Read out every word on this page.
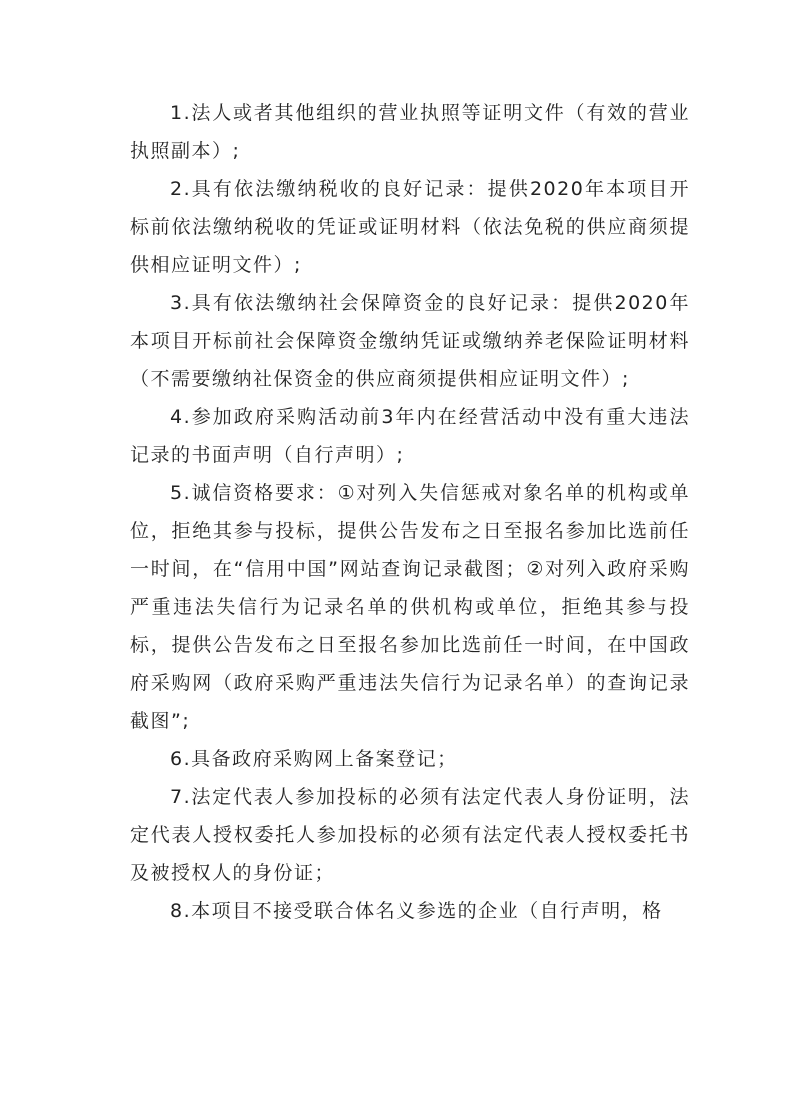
1.法人或者其他组织的营业执照等证明文件（有效的营业执照副本）;

2.具有依法缴纳税收的良好记录：提供2020年本项目开标前依法缴纳税收的凭证或证明材料（依法免税的供应商须提供相应证明文件）;

3.具有依法缴纳社会保障资金的良好记录：提供2020年本项目开标前社会保障资金缴纳凭证或缴纳养老保险证明材料（不需要缴纳社保资金的供应商须提供相应证明文件）;

4.参加政府采购活动前3年内在经营活动中没有重大违法记录的书面声明（自行声明）;

5.诚信资格要求：①对列入失信惩戒对象名单的机构或单位，拒绝其参与投标，提供公告发布之日至报名参加比选前任一时间，在“信用中国”网站查询记录截图；②对列入政府采购严重违法失信行为记录名单的供机构或单位，拒绝其参与投标，提供公告发布之日至报名参加比选前任一时间，在中国政府采购网（政府采购严重违法失信行为记录名单）的查询记录截图”;

6.具备政府采购网上备案登记；

7.法定代表人参加投标的必须有法定代表人身份证明，法定代表人授权委托人参加投标的必须有法定代表人授权委托书及被授权人的身份证；

8.本项目不接受联合体名义参选的企业（自行声明，格
